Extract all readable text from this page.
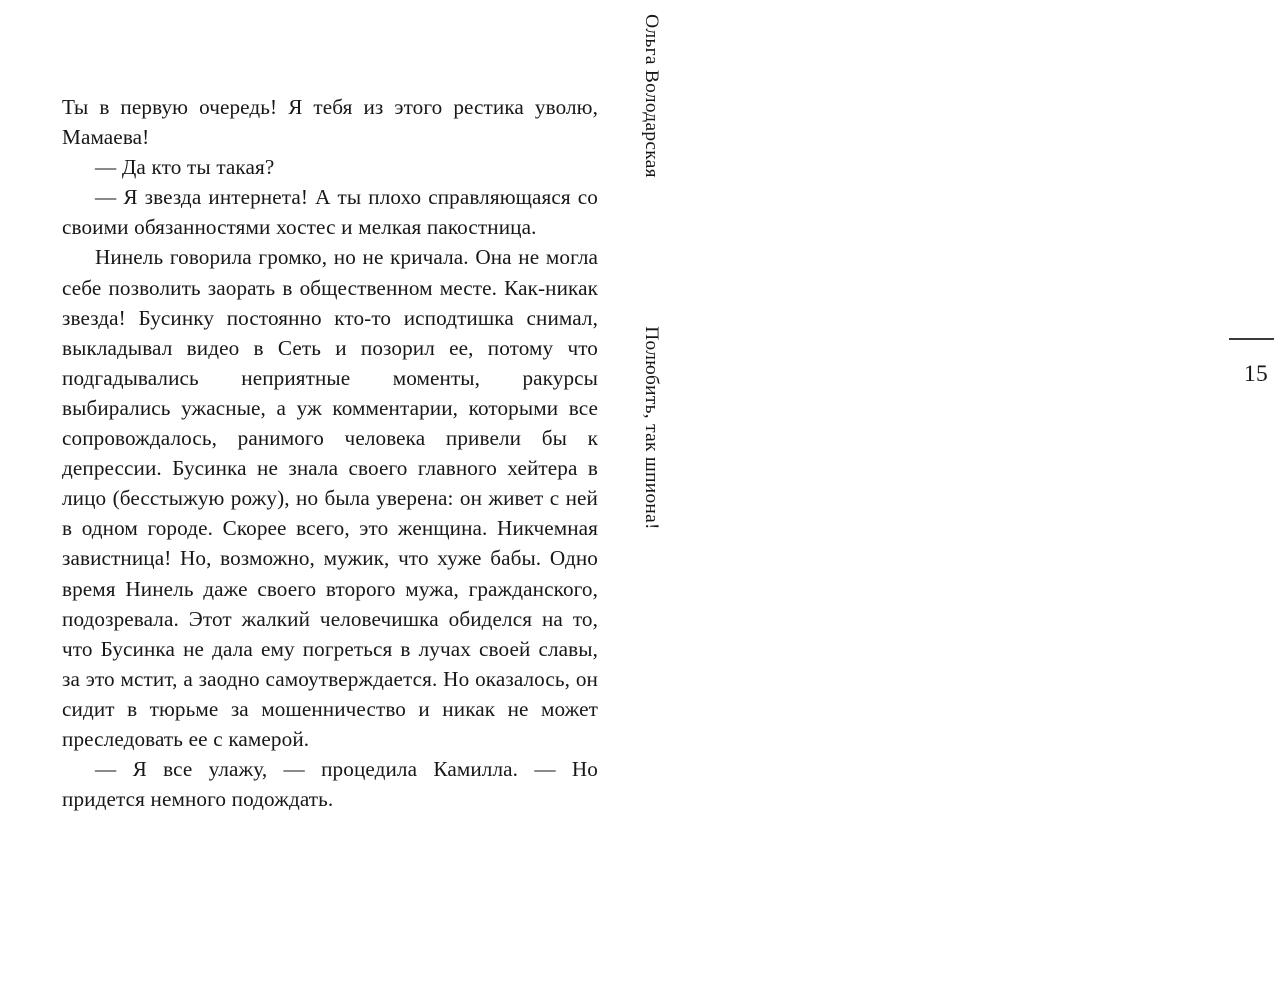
Ты в первую очередь! Я тебя из этого рестика уволю, Мамаева!

— Да кто ты такая?

— Я звезда интернета! А ты плохо справляющаяся со своими обязанностями хостес и мелкая пакостница.

Нинель говорила громко, но не кричала. Она не могла себе позволить заорать в общественном месте. Как-никак звезда! Бусинку постоянно кто-то исподтишка снимал, выкладывал видео в Сеть и позорил ее, потому что подгадывались неприятные моменты, ракурсы выбирались ужасные, а уж комментарии, которыми все сопровождалось, ранимого человека привели бы к депрессии. Бусинка не знала своего главного хейтера в лицо (бесстыжую рожу), но была уверена: он живет с ней в одном городе. Скорее всего, это женщина. Никчемная завистница! Но, возможно, мужик, что хуже бабы. Одно время Нинель даже своего второго мужа, гражданского, подозревала. Этот жалкий человечишка обиделся на то, что Бусинка не дала ему погреться в лучах своей славы, за это мстит, а заодно самоутверждается. Но оказалось, он сидит в тюрьме за мошенничество и никак не может преследовать ее с камерой.

— Я все улажу, — процедила Камилла. — Но придется немного подождать.

Ольга Володарская
15
Полюбить, так шпиона!
